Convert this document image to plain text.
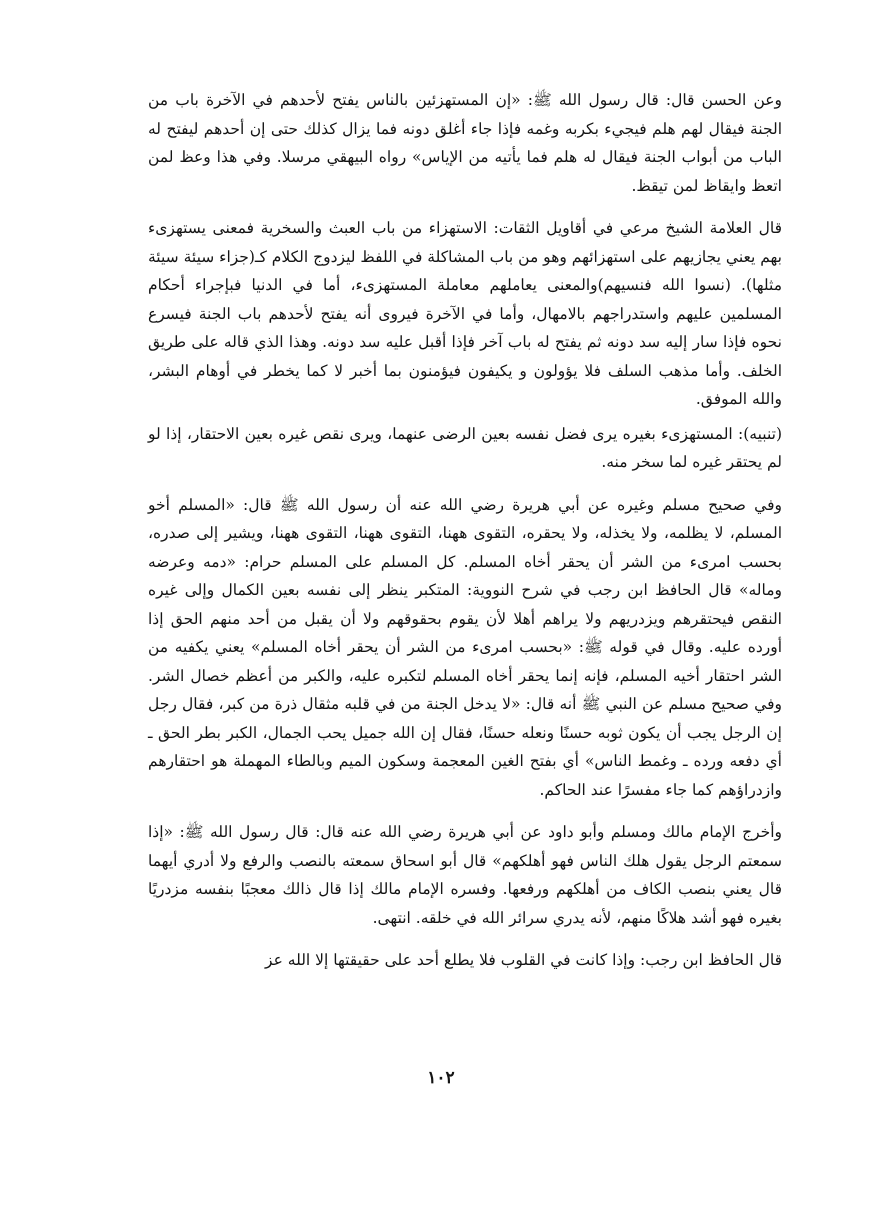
وعن الحسن قال: قال رسول الله ﷺ: «إن المستهزئين بالناس يفتح لأحدهم في الآخرة باب من الجنة فيقال لهم هلم فيجيء بكربه وغمه فإذا جاء أغلق دونه فما يزال كذلك حتى إن أحدهم ليفتح له الباب من أبواب الجنة فيقال له هلم فما يأتيه من الإياس» رواه البيهقي مرسلا. وفي هذا وعظ لمن اتعظ وايقاظ لمن تيقظ.

قال العلامة الشيخ مرعي في أقاويل الثقات: الاستهزاء من باب العبث والسخرية فمعنى يستهزىء بهم يعني يجازيهم على استهزائهم وهو من باب المشاكلة في اللفظ ليزدوج الكلام كـ(جزاء سيئة سيئة مثلها). (نسوا الله فنسيهم)والمعنى يعاملهم معاملة المستهزىء، أما في الدنيا فبإجراء أحكام المسلمين عليهم واستدراجهم بالامهال، وأما في الآخرة فيروى أنه يفتح لأحدهم باب الجنة فيسرع نحوه فإذا سار إليه سد دونه ثم يفتح له باب آخر فإذا أقبل عليه سد دونه. وهذا الذي قاله على طريق الخلف. وأما مذهب السلف فلا يؤولون و يكيفون فيؤمنون بما أخبر لا كما يخطر في أوهام البشر، والله الموفق.

(تنبيه): المستهزىء بغيره يرى فضل نفسه بعين الرضى عنهما، ويرى نقص غيره بعين الاحتقار، إذا لو لم يحتقر غيره لما سخر منه.

وفي صحيح مسلم وغيره عن أبي هريرة رضي الله عنه أن رسول الله ﷺ قال: «المسلم أخو المسلم، لا يظلمه، ولا يخذله، ولا يحقره، التقوى ههنا، التقوى ههنا، التقوى ههنا، ويشير إلى صدره، بحسب امرىء من الشر أن يحقر أخاه المسلم. كل المسلم على المسلم حرام: «دمه وعرضه وماله» قال الحافظ ابن رجب في شرح النووية: المتكبر ينظر إلى نفسه بعين الكمال وإلى غيره النقص فيحتقرهم ويزدريهم ولا يراهم أهلا لأن يقوم بحقوقهم ولا أن يقبل من أحد منهم الحق إذا أورده عليه. وقال في قوله ﷺ: «بحسب امرىء من الشر أن يحقر أخاه المسلم» يعني يكفيه من الشر احتقار أخيه المسلم، فإنه إنما يحقر أخاه المسلم لتكبره عليه، والكبر من أعظم خصال الشر. وفي صحيح مسلم عن النبي ﷺ أنه قال: «لا يدخل الجنة من في قلبه مثقال ذرة من كبر، فقال رجل إن الرجل يجب أن يكون ثوبه حسنًا ونعله حسنًا، فقال إن الله جميل يحب الجمال، الكبر بطر الحق ـ أي دفعه ورده ـ وغمط الناس» أي بفتح الغين المعجمة وسكون الميم وبالطاء المهملة هو احتقارهم وازدراؤهم كما جاء مفسرًا عند الحاكم.

وأخرج الإمام مالك ومسلم وأبو داود عن أبي هريرة رضي الله عنه قال: قال رسول الله ﷺ: «إذا سمعتم الرجل يقول هلك الناس فهو أهلكهم» قال أبو اسحاق سمعته بالنصب والرفع ولا أدري أيهما قال يعني بنصب الكاف من أهلكهم ورفعها. وفسره الإمام مالك إذا قال ذالك معجبًا بنفسه مزدريًا بغيره فهو أشد هلاكًا منهم، لأنه يدري سرائر الله في خلقه. انتهى.

قال الحافظ ابن رجب: وإذا كانت في القلوب فلا يطلع أحد على حقيقتها إلا الله عز

١٠٢
